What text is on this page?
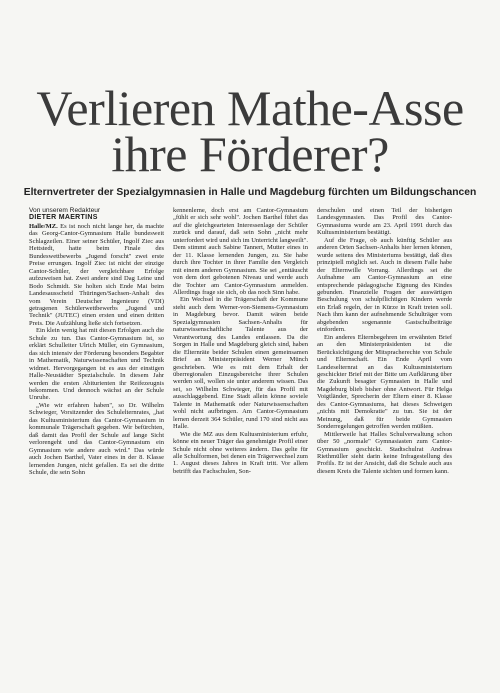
Verlieren Mathe-Asse
ihre Förderer?
Elternvertreter der Spezialgymnasien in Halle und Magdeburg fürchten um Bildungschancen
Von unserem Redakteur
DIETER MAERTINS

Halle/MZ. Es ist noch nicht lange her, da machte das Georg-Cantor-Gymnasium Halle bundesweit Schlagzeilen. Einer seiner Schüler, Ingolf Ziec aus Hettstedt, hatte beim Finale des Bundeswettbewerbs „Jugend forscht" zwei erste Preise errungen. Ingolf Ziec ist nicht der einzige Cantor-Schüler, der vergleichbare Erfolge aufzuweisen hat. Zwei andere sind Dag Leine und Bodo Schmidt. Sie holten sich Ende Mai beim Landesausscheid Thüringen/Sachsen-Anhalt des vom Verein Deutscher Ingenieure (VDI) getragenen Schülerwettbewerbs „Jugend und Technik" (JUTEC) einen ersten und einen dritten Preis. Die Aufzählung ließe sich fortsetzen.

Ein klein wenig hat mit diesen Erfolgen auch die Schule zu tun. Das Cantor-Gymnasium ist, so erklärt Schulleiter Ulrich Müller, ein Gymnasium, das sich intensiv der Förderung besonders Begabter in Mathematik, Naturwissenschaften und Technik widmet. Hervorgegangen ist es aus der einstigen Halle-Neustädter Spezialschule. In diesem Jahr werden die ersten Abiturienten ihr Reifezeugnis bekommen. Und dennoch wächst an der Schule Unruhe.

„Wie wir erfahren haben", so Dr. Wilhelm Schwieger, Vorsitzender des Schulelternrates, „hat das Kultusministerium das Cantor-Gymnasium in kommunale Trägerschaft gegeben. Wir befürchten, daß damit das Profil der Schule auf lange Sicht verlorengeht und das Cantor-Gymnasium ein Gymnasium wie andere auch wird." Das würde auch Jochen Barthel, Vater eines in der 8. Klasse lernenden Jungen, nicht gefallen. Es sei die dritte Schule, die sein Sohn

kennenlerne, doch erst am Cantor-Gymnasium „fühlt er sich sehr wohl". Jochen Barthel führt das auf die gleichgearteten Interessenlage der Schüler zurück und darauf, daß sein Sohn „nicht mehr unterfordert wird und sich im Unterricht langweilt". Dem stimmt auch Sabine Tannert, Mutter eines in der 11. Klasse lernenden Jungen, zu. Sie habe durch ihre Tochter in ihrer Familie den Vergleich mit einem anderen Gymnasium. Sie sei „enttäuscht von dem dort gebotenen Niveau und werde auch die Tochter am Cantor-Gymnasium anmelden. Allerdings frage sie sich, ob das noch Sinn habe.

Ein Wechsel in die Trägerschaft der Kommune steht auch dem Werner-von-Siemens-Gymnasium in Magdeburg bevor. Damit wären beide Spezialgymnasien Sachsen-Anhalts für naturwissenschaftliche Talente aus der Verantwortung des Landes entlassen. Da die Sorgen in Halle und Magdeburg gleich sind, haben die Elternräte beider Schulen einen gemeinsamen Brief an Ministerpräsident Werner Münch geschrieben. Wie es mit dem Erhalt der überregionalen Einzugsbereiche ihrer Schulen werden soll, wollen sie unter anderem wissen. Das sei, so Wilhelm Schwieger, für das Profil mit ausschlaggebend. Eine Stadt allein könne soviele Talente in Mathematik oder Naturwissenschaften wohl nicht aufbringen. Am Cantor-Gymnasium lernen derzeit 364 Schüler, rund 170 sind nicht aus Halle.

Wie die MZ aus dem Kultusministerium erfuhr, könne ein neuer Träger das genehmigte Profil einer Schule nicht ohne weiteres ändern. Das gelte für alle Schulformen, bei denen ein Trägerwechsel zum 1. August dieses Jahres in Kraft tritt. Vor allem betrifft das Fachschulen, Son-

derschulen und einen Teil der bisherigen Landesgymnasien. Das Profil des Cantor-Gymnasiums wurde am 23. April 1991 durch das Kultusministerium bestätigt.

Auf die Frage, ob auch künftig Schüler aus anderen Orten Sachsen-Anhalts hier lernen können, wurde seitens des Ministeriums bestätigt, daß dies prinzipiell möglich sei. Auch in diesem Falle habe der Elternwille Vorrang. Allerdings sei die Aufnahme am Cantor-Gymnasium an eine entsprechende pädagogische Eignung des Kindes gebunden. Finanzielle Fragen der auswärtigen Beschulung von schulpflichtigen Kindern werde ein Erlaß regeln, der in Kürze in Kraft treten soll. Nach ihm kann der aufnehmende Schulträger vom abgebenden sogenannte Gastschulbeiträge einfordern.

Ein anderes Elternbegehren im erwähnten Brief an den Ministerpräsidenten ist die Berücksichtigung der Mitspracherechte von Schule und Elternschaft. Ein Ende April vom Landeselternrat an das Kultusministerium geschickter Brief mit der Bitte um Aufklärung über die Zukunft besagter Gymnasien in Halle und Magdeburg blieb bisher ohne Antwort. Für Helga Voigtländer, Sprecherin der Eltern einer 8. Klasse des Cantor-Gymnasiums, hat dieses Schweigen „nichts mit Demokratie" zu tun. Sie ist der Meinung, daß für beide Gymnasien Sonderregelungen getroffen werden müßten.

Mittlerweile hat Halles Schulverwaltung schon über 50 „normale" Gymnasiasten zum Cantor-Gymnasium geschickt. Stadtschulrat Andreas Riethmüller sieht darin keine Infragestellung des Profils. Er ist der Ansicht, daß die Schule auch aus diesem Kreis die Talente sichten und formen kann.
